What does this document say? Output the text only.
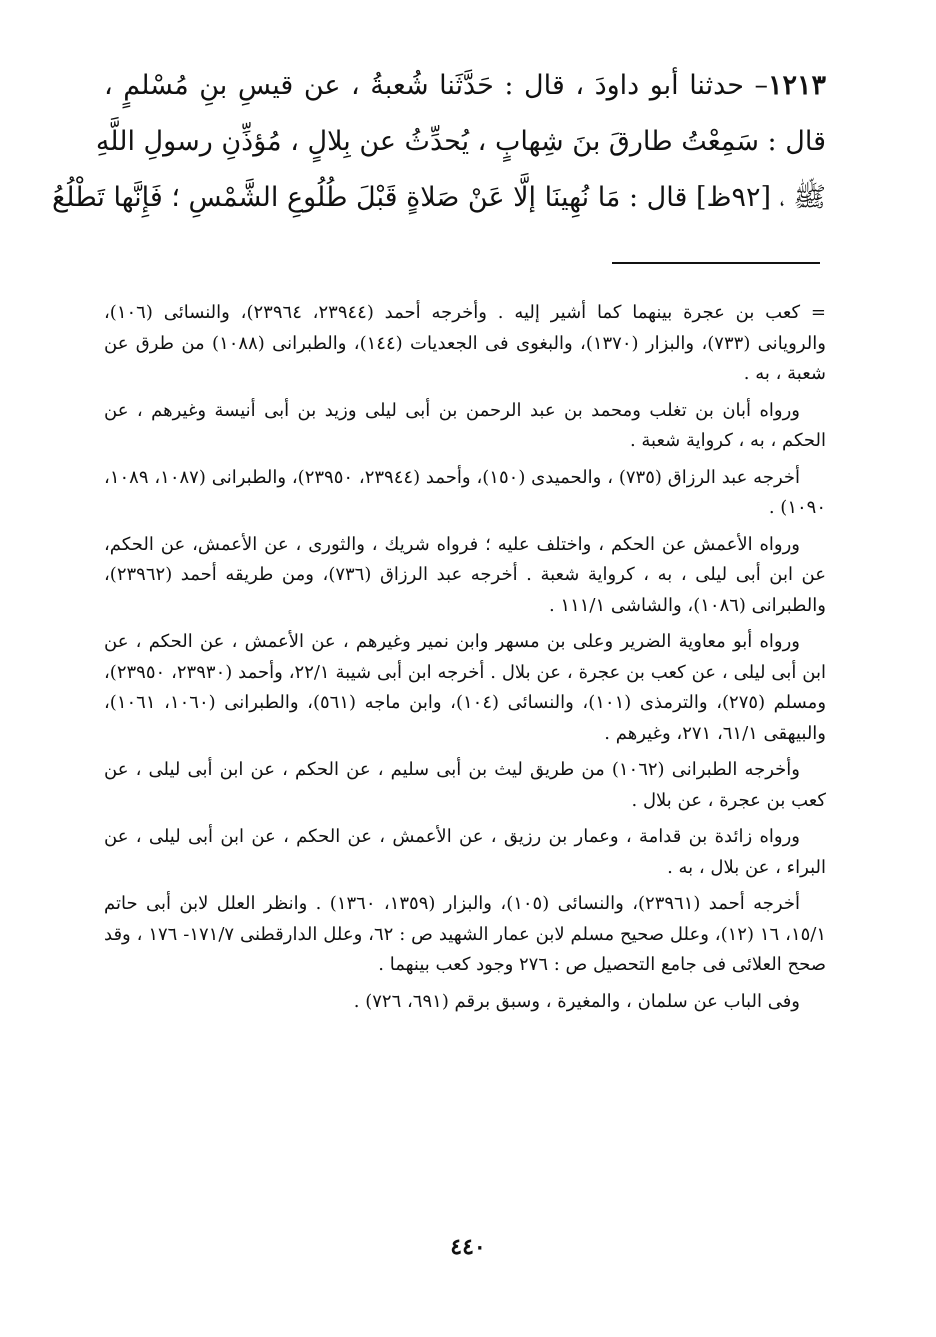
١٢١٣– حدثنا أبو داودَ ، قال : حَدَّثَنا شُعبةُ ، عن قيسِ بنِ مُسْلمٍ ،
قال : سَمِعْتُ طارقَ بنَ شِهابٍ ، يُحدِّثُ عن بِلالٍ ، مُؤذِّنِ رسولِ اللَّهِ
ﷺ ، [٩٢ظ] قال : مَا نُهِينَا إلَّا عَنْ صَلاةٍ قَبْلَ طُلُوعِ الشَّمْسِ ؛ فَإِنَّها تَطْلُعُ

= كعب بن عجرة بينهما كما أشير إليه . وأخرجه أحمد (٢٣٩٤٤، ٢٣٩٦٤)، والنسائى (١٠٦)، والرويانى (٧٣٣)، والبزار (١٣٧٠)، والبغوى فى الجعديات (١٤٤)، والطبرانى (١٠٨٨) من طرق عن شعبة ، به .

ورواه أبان بن تغلب ومحمد بن عبد الرحمن بن أبى ليلى وزيد بن أبى أنيسة وغيرهم ، عن الحكم ، به ، كرواية شعبة .

أخرجه عبد الرزاق (٧٣٥) ، والحميدى (١٥٠)، وأحمد (٢٣٩٤٤، ٢٣٩٥٠)، والطبرانى (١٠٨٧، ١٠٨٩، ١٠٩٠) .

ورواه الأعمش عن الحكم ، واختلف عليه ؛ فرواه شريك ، والثورى ، عن الأعمش، عن الحكم، عن ابن أبى ليلى ، به ، كرواية شعبة . أخرجه عبد الرزاق (٧٣٦)، ومن طريقه أحمد (٢٣٩٦٢)، والطبرانى (١٠٨٦)، والشاشى ١١١/١ .

ورواه أبو معاوية الضرير وعلى بن مسهر وابن نمير وغيرهم ، عن الأعمش ، عن الحكم ، عن ابن أبى ليلى ، عن كعب بن عجرة ، عن بلال . أخرجه ابن أبى شيبة ٢٢/١، وأحمد (٢٣٩٣٠، ٢٣٩٥٠)، ومسلم (٢٧٥)، والترمذى (١٠١)، والنسائى (١٠٤)، وابن ماجه (٥٦١)، والطبرانى (١٠٦٠، ١٠٦١)، والبيهقى ٦١/١، ٢٧١، وغيرهم .

وأخرجه الطبرانى (١٠٦٢) من طريق ليث بن أبى سليم ، عن الحكم ، عن ابن أبى ليلى ، عن كعب بن عجرة ، عن بلال .

ورواه زائدة بن قدامة ، وعمار بن رزيق ، عن الأعمش ، عن الحكم ، عن ابن أبى ليلى ، عن البراء ، عن بلال ، به .

أخرجه أحمد (٢٣٩٦١)، والنسائى (١٠٥)، والبزار (١٣٥٩، ١٣٦٠) . وانظر العلل لابن أبى حاتم ١٥/١، ١٦ (١٢)، وعلل صحيح مسلم لابن عمار الشهيد ص : ٦٢، وعلل الدارقطنى ١٧١/٧- ١٧٦ ، وقد صحح العلائى فى جامع التحصيل ص : ٢٧٦ وجود كعب بينهما .

وفى الباب عن سلمان ، والمغيرة ، وسبق برقم (٦٩١، ٧٢٦) .

٤٤٠
